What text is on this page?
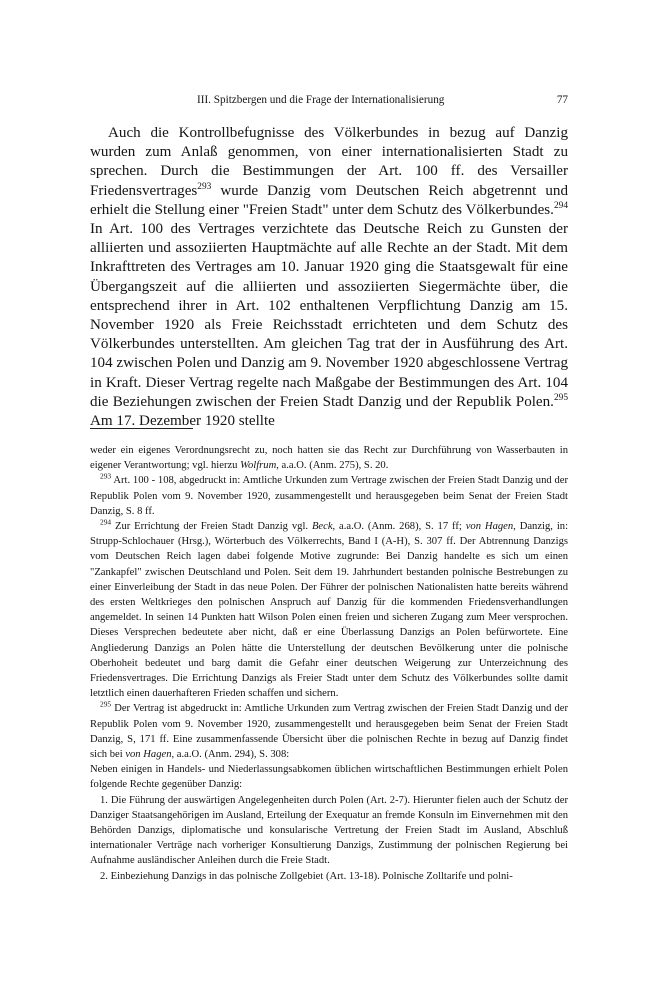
III. Spitzbergen und die Frage der Internationalisierung	77

Auch die Kontrollbefugnisse des Völkerbundes in bezug auf Danzig wurden zum Anlaß genommen, von einer internationalisierten Stadt zu sprechen. Durch die Bestimmungen der Art. 100 ff. des Versailler Friedensvertrages$^{293}$ wurde Danzig vom Deutschen Reich abgetrennt und erhielt die Stellung einer "Freien Stadt" unter dem Schutz des Völkerbundes.$^{294}$ In Art. 100 des Vertrages verzichtete das Deutsche Reich zu Gunsten der alliierten und assoziierten Hauptmächte auf alle Rechte an der Stadt. Mit dem Inkrafttreten des Vertrages am 10. Januar 1920 ging die Staatsgewalt für eine Übergangszeit auf die alliierten und assoziierten Siegermächte über, die entsprechend ihrer in Art. 102 enthaltenen Verpflichtung Danzig am 15. November 1920 als Freie Reichsstadt errichteten und dem Schutz des Völkerbundes unterstellten. Am gleichen Tag trat der in Ausführung des Art. 104 zwischen Polen und Danzig am 9. November 1920 abgeschlossene Vertrag in Kraft. Dieser Vertrag regelte nach Maßgabe der Bestimmungen des Art. 104 die Beziehungen zwischen der Freien Stadt Danzig und der Republik Polen.$^{295}$ Am 17. Dezember 1920 stellte

weder ein eigenes Verordnungsrecht zu, noch hatten sie das Recht zur Durchführung von Wasserbauten in eigener Verantwortung; vgl. hierzu Wolfrum, a.a.O. (Anm. 275), S. 20.

$^{293}$ Art. 100 - 108, abgedruckt in: Amtliche Urkunden zum Vertrage zwischen der Freien Stadt Danzig und der Republik Polen vom 9. November 1920, zusammengestellt und herausgegeben beim Senat der Freien Stadt Danzig, S. 8 ff.

$^{294}$ Zur Errichtung der Freien Stadt Danzig vgl. Beck, a.a.O. (Anm. 268), S. 17 ff; von Hagen, Danzig, in: Strupp-Schlochauer (Hrsg.), Wörterbuch des Völkerrechts, Band I (A-H), S. 307 ff. Der Abtrennung Danzigs vom Deutschen Reich lagen dabei folgende Motive zugrunde: Bei Danzig handelte es sich um einen "Zankapfel" zwischen Deutschland und Polen. Seit dem 19. Jahrhundert bestanden polnische Bestrebungen zu einer Einverleibung der Stadt in das neue Polen. Der Führer der polnischen Nationalisten hatte bereits während des ersten Weltkrieges den polnischen Anspruch auf Danzig für die kommenden Friedensverhandlungen angemeldet. In seinen 14 Punkten hatt Wilson Polen einen freien und sicheren Zugang zum Meer versprochen. Dieses Versprechen bedeutete aber nicht, daß er eine Überlassung Danzigs an Polen befürwortete. Eine Angliederung Danzigs an Polen hätte die Unterstellung der deutschen Bevölkerung unter die polnische Oberhoheit bedeutet und barg damit die Gefahr einer deutschen Weigerung zur Unterzeichnung des Friedensvertrages. Die Errichtung Danzigs als Freier Stadt unter dem Schutz des Völkerbundes sollte damit letztlich einen dauerhafteren Frieden schaffen und sichern.

$^{295}$ Der Vertrag ist abgedruckt in: Amtliche Urkunden zum Vertrag zwischen der Freien Stadt Danzig und der Republik Polen vom 9. November 1920, zusammengestellt und herausgegeben beim Senat der Freien Stadt Danzig, S, 171 ff. Eine zusammenfassende Übersicht über die polnischen Rechte in bezug auf Danzig findet sich bei von Hagen, a.a.O. (Anm. 294), S. 308:

Neben einigen in Handels- und Niederlassungsabkomen üblichen wirtschaftlichen Bestimmungen erhielt Polen folgende Rechte gegenüber Danzig:

1. Die Führung der auswärtigen Angelegenheiten durch Polen (Art. 2-7). Hierunter fielen auch der Schutz der Danziger Staatsangehörigen im Ausland, Erteilung der Exequatur an fremde Konsuln im Einvernehmen mit den Behörden Danzigs, diplomatische und konsularische Vertretung der Freien Stadt im Ausland, Abschluß internationaler Verträge nach vorheriger Konsultierung Danzigs, Zustimmung der polnischen Regierung bei Aufnahme ausländischer Anleihen durch die Freie Stadt.

2. Einbeziehung Danzigs in das polnische Zollgebiet (Art. 13-18). Polnische Zolltarife und polni-
